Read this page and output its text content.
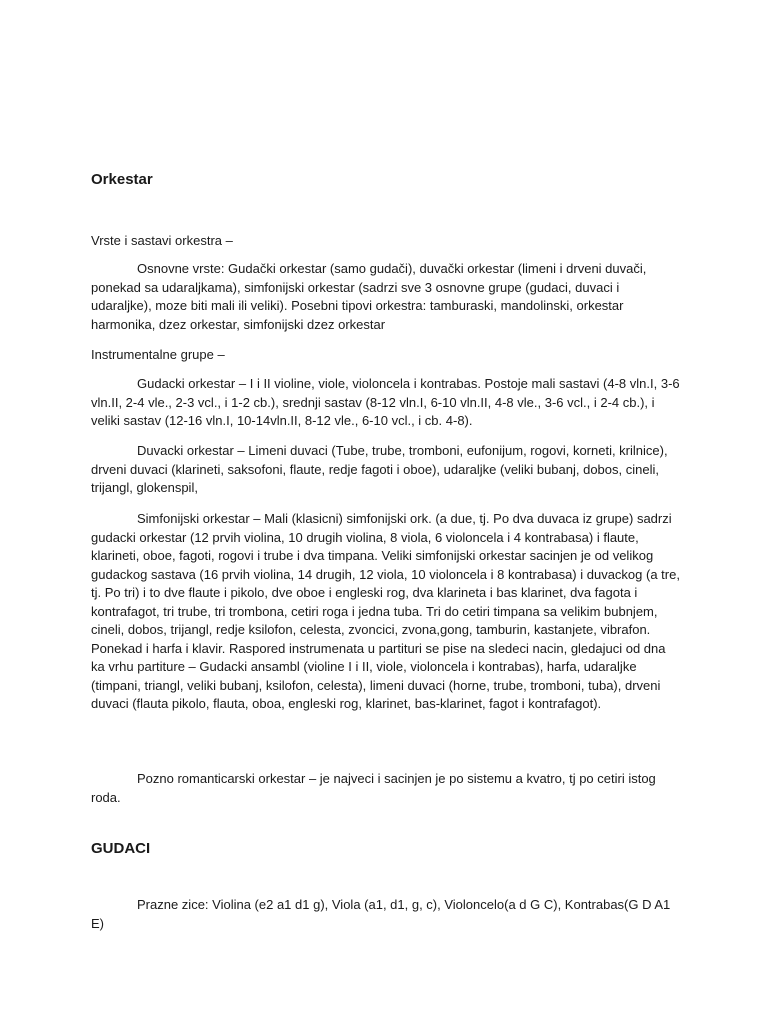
Orkestar

Vrste i sastavi orkestra –

Osnovne vrste: Gudački orkestar (samo gudači), duvački orkestar (limeni i drveni duvači, ponekad sa udaraljkama), simfonijski orkestar (sadrzi sve 3 osnovne grupe (gudaci, duvaci i udaraljke), moze biti mali ili veliki). Posebni tipovi orkestra: tamburaski, mandolinski, orkestar harmonika, dzez orkestar, simfonijski dzez orkestar

Instrumentalne grupe –

Gudacki orkestar – I i II violine, viole, violoncela i kontrabas. Postoje mali sastavi (4-8 vln.I, 3-6 vln.II, 2-4 vle., 2-3 vcl., i 1-2 cb.), srednji sastav (8-12 vln.I, 6-10 vln.II, 4-8 vle., 3-6 vcl., i 2-4 cb.), i veliki sastav (12-16 vln.I, 10-14vln.II, 8-12 vle., 6-10 vcl., i cb. 4-8).

Duvacki orkestar – Limeni duvaci (Tube, trube, tromboni, eufonijum, rogovi, korneti, krilnice), drveni duvaci (klarineti, saksofoni, flaute, redje fagoti i oboe), udaraljke (veliki bubanj, dobos, cineli, trijangl, glokenspil,

Simfonijski orkestar – Mali (klasicni) simfonijski ork. (a due, tj. Po dva duvaca iz grupe) sadrzi gudacki orkestar (12 prvih violina, 10 drugih violina, 8 viola, 6 violoncela i 4 kontrabasa) i flaute, klarineti, oboe, fagoti, rogovi i trube i dva timpana. Veliki simfonijski orkestar sacinjen je od velikog gudackog sastava (16 prvih violina, 14 drugih, 12 viola, 10 violoncela i 8 kontrabasa) i duvackog (a tre, tj. Po tri) i to dve flaute i pikolo, dve oboe i engleski rog, dva klarineta i bas klarinet, dva fagota i kontrafagot, tri trube, tri trombona, cetiri roga i jedna tuba. Tri do cetiri timpana sa velikim bubnjem, cineli, dobos, trijangl, redje ksilofon, celesta, zvoncici, zvona,gong, tamburin, kastanjete, vibrafon. Ponekad i harfa i klavir. Raspored instrumenata u partituri se pise na sledeci nacin, gledajuci od dna ka vrhu partiture – Gudacki ansambl (violine I i II, viole, violoncela i kontrabas), harfa, udaraljke (timpani, triangl, veliki bubanj, ksilofon, celesta), limeni duvaci (horne, trube, tromboni, tuba), drveni duvaci (flauta pikolo, flauta, oboa, engleski rog, klarinet, bas-klarinet, fagot i kontrafagot).

Pozno romanticarski orkestar – je najveci i sacinjen je po sistemu a kvatro, tj po cetiri istog roda.

GUDACI

Prazne zice: Violina (e2 a1 d1 g), Viola (a1, d1, g, c), Violoncelo(a d G C), Kontrabas(G D A1 E)
